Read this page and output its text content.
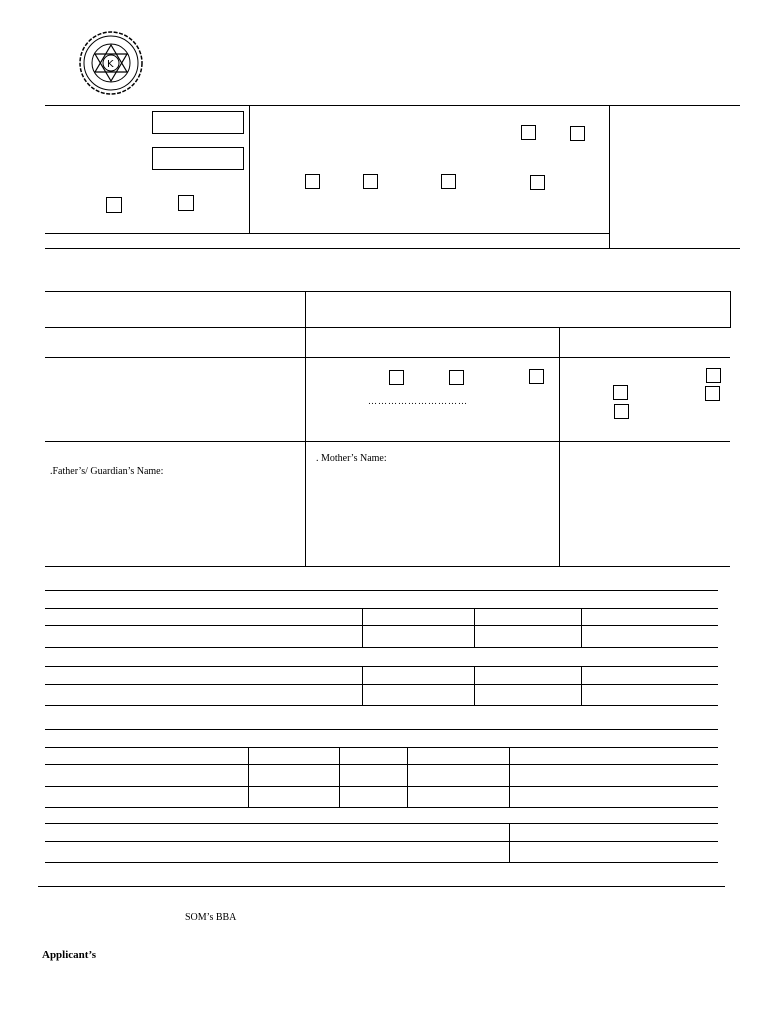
K
…………………………
.Father’s/ Guardian’s Name:
. Mother’s Name:
SOM’s BBA
Applicant’s
